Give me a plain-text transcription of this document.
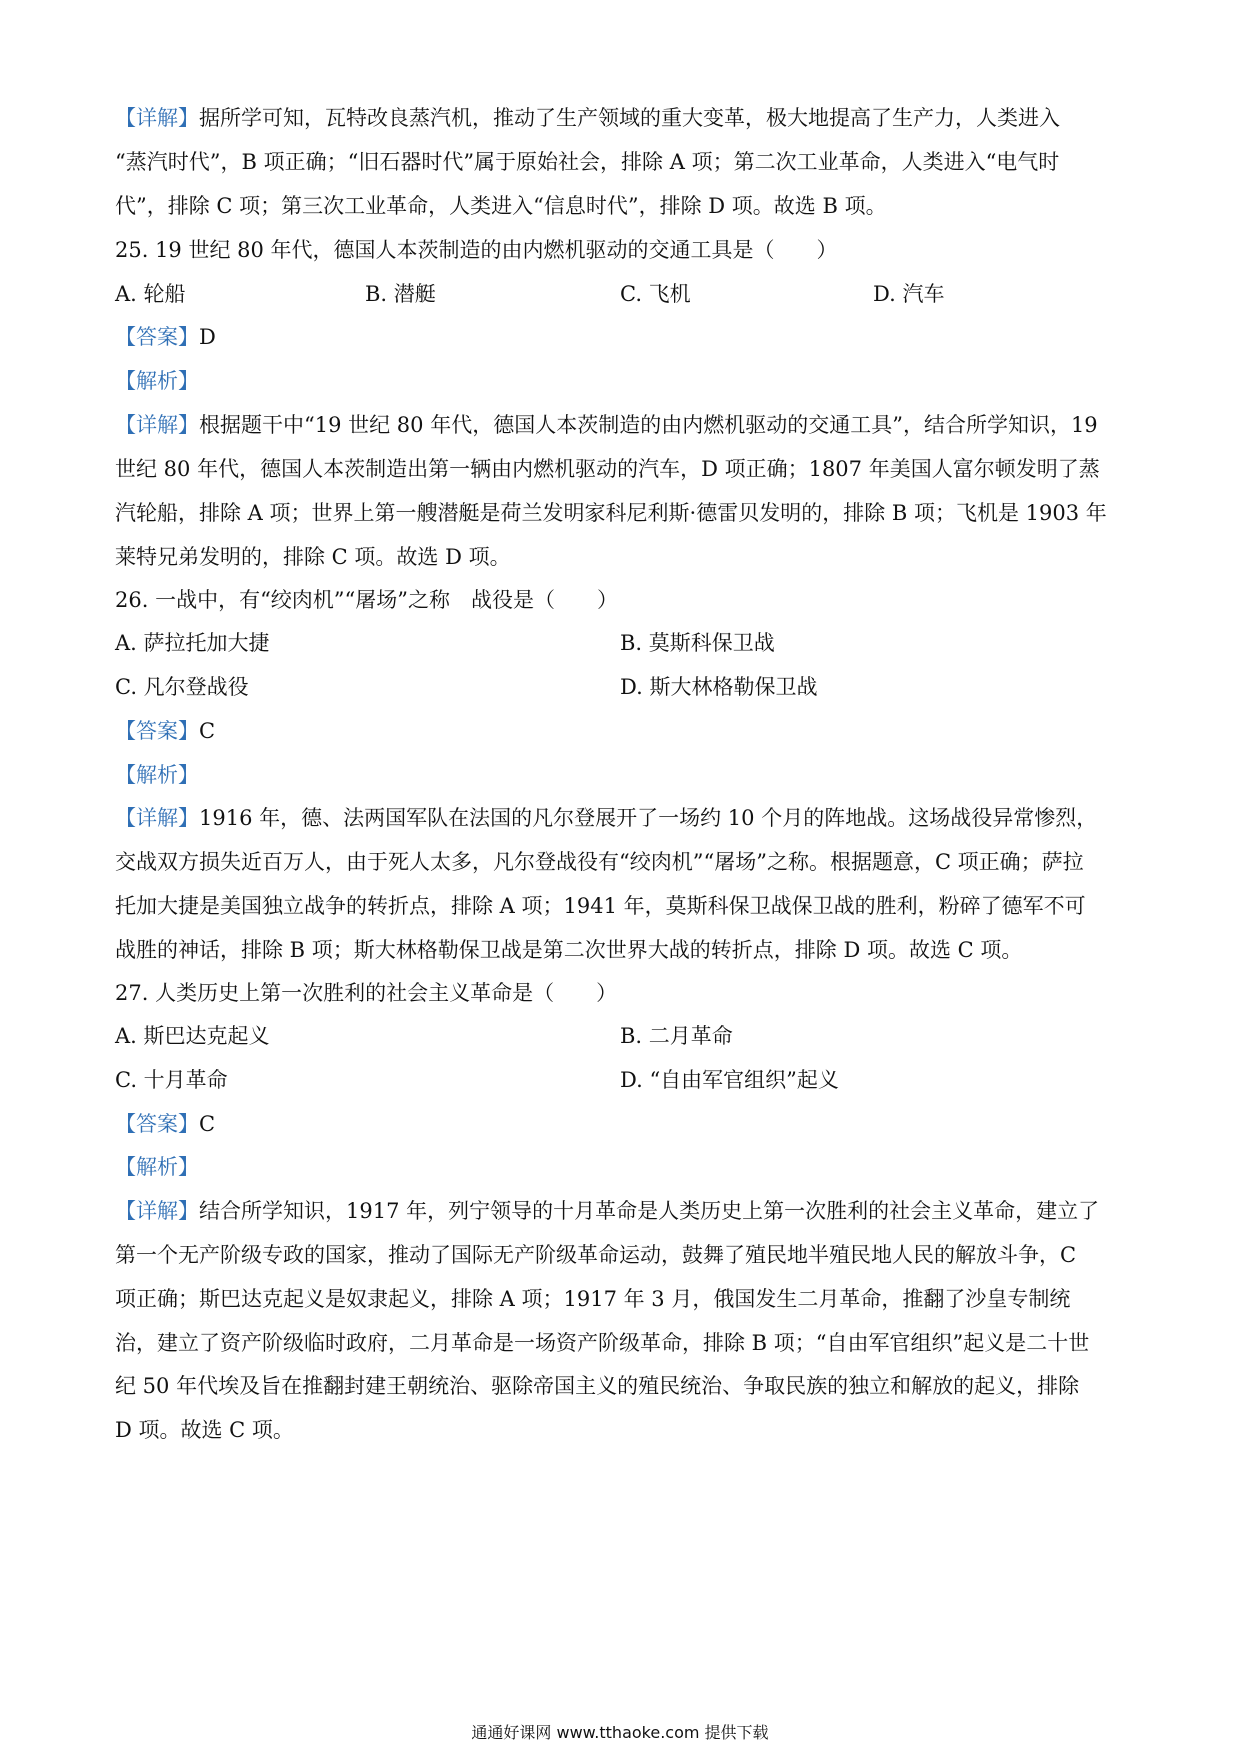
【详解】据所学可知，瓦特改良蒸汽机，推动了生产领域的重大变革，极大地提高了生产力，人类进入
“蒸汽时代”，B 项正确；“旧石器时代”属于原始社会，排除 A 项；第二次工业革命，人类进入“电气时
代”，排除 C 项；第三次工业革命，人类进入“信息时代”，排除 D 项。故选 B 项。
25. 19 世纪 80 年代，德国人本茨制造的由内燃机驱动的交通工具是（　　）
A. 轮船	B. 潜艇	C. 飞机	D. 汽车
【答案】D
【解析】
【详解】根据题干中“19 世纪 80 年代，德国人本茨制造的由内燃机驱动的交通工具”，结合所学知识，19
世纪 80 年代，德国人本茨制造出第一辆由内燃机驱动的汽车，D 项正确；1807 年美国人富尔顿发明了蒸
汽轮船，排除 A 项；世界上第一艘潜艇是荷兰发明家科尼利斯·德雷贝发明的，排除 B 项；飞机是 1903 年
莱特兄弟发明的，排除 C 项。故选 D 项。
26. 一战中，有“绞肉机”“屠场”之称　战役是（　　）
A. 萨拉托加大捷	B. 莫斯科保卫战
C. 凡尔登战役	D. 斯大林格勒保卫战
【答案】C
【解析】
【详解】1916 年，德、法两国军队在法国的凡尔登展开了一场约 10 个月的阵地战。这场战役异常惨烈，
交战双方损失近百万人，由于死人太多，凡尔登战役有“绞肉机”“屠场”之称。根据题意，C 项正确；萨拉
托加大捷是美国独立战争的转折点，排除 A 项；1941 年，莫斯科保卫战保卫战的胜利，粉碎了德军不可
战胜的神话，排除 B 项；斯大林格勒保卫战是第二次世界大战的转折点，排除 D 项。故选 C 项。
27. 人类历史上第一次胜利的社会主义革命是（　　）
A. 斯巴达克起义	B. 二月革命
C. 十月革命	D. “自由军官组织”起义
【答案】C
【解析】
【详解】结合所学知识，1917 年，列宁领导的十月革命是人类历史上第一次胜利的社会主义革命，建立了
第一个无产阶级专政的国家，推动了国际无产阶级革命运动，鼓舞了殖民地半殖民地人民的解放斗争，C
项正确；斯巴达克起义是奴隶起义，排除 A 项；1917 年 3 月，俄国发生二月革命，推翻了沙皇专制统
治，建立了资产阶级临时政府，二月革命是一场资产阶级革命，排除 B 项；“自由军官组织”起义是二十世
纪 50 年代埃及旨在推翻封建王朝统治、驱除帝国主义的殖民统治、争取民族的独立和解放的起义，排除
D 项。故选 C 项。
通通好课网 www.tthaoke.com 提供下载
